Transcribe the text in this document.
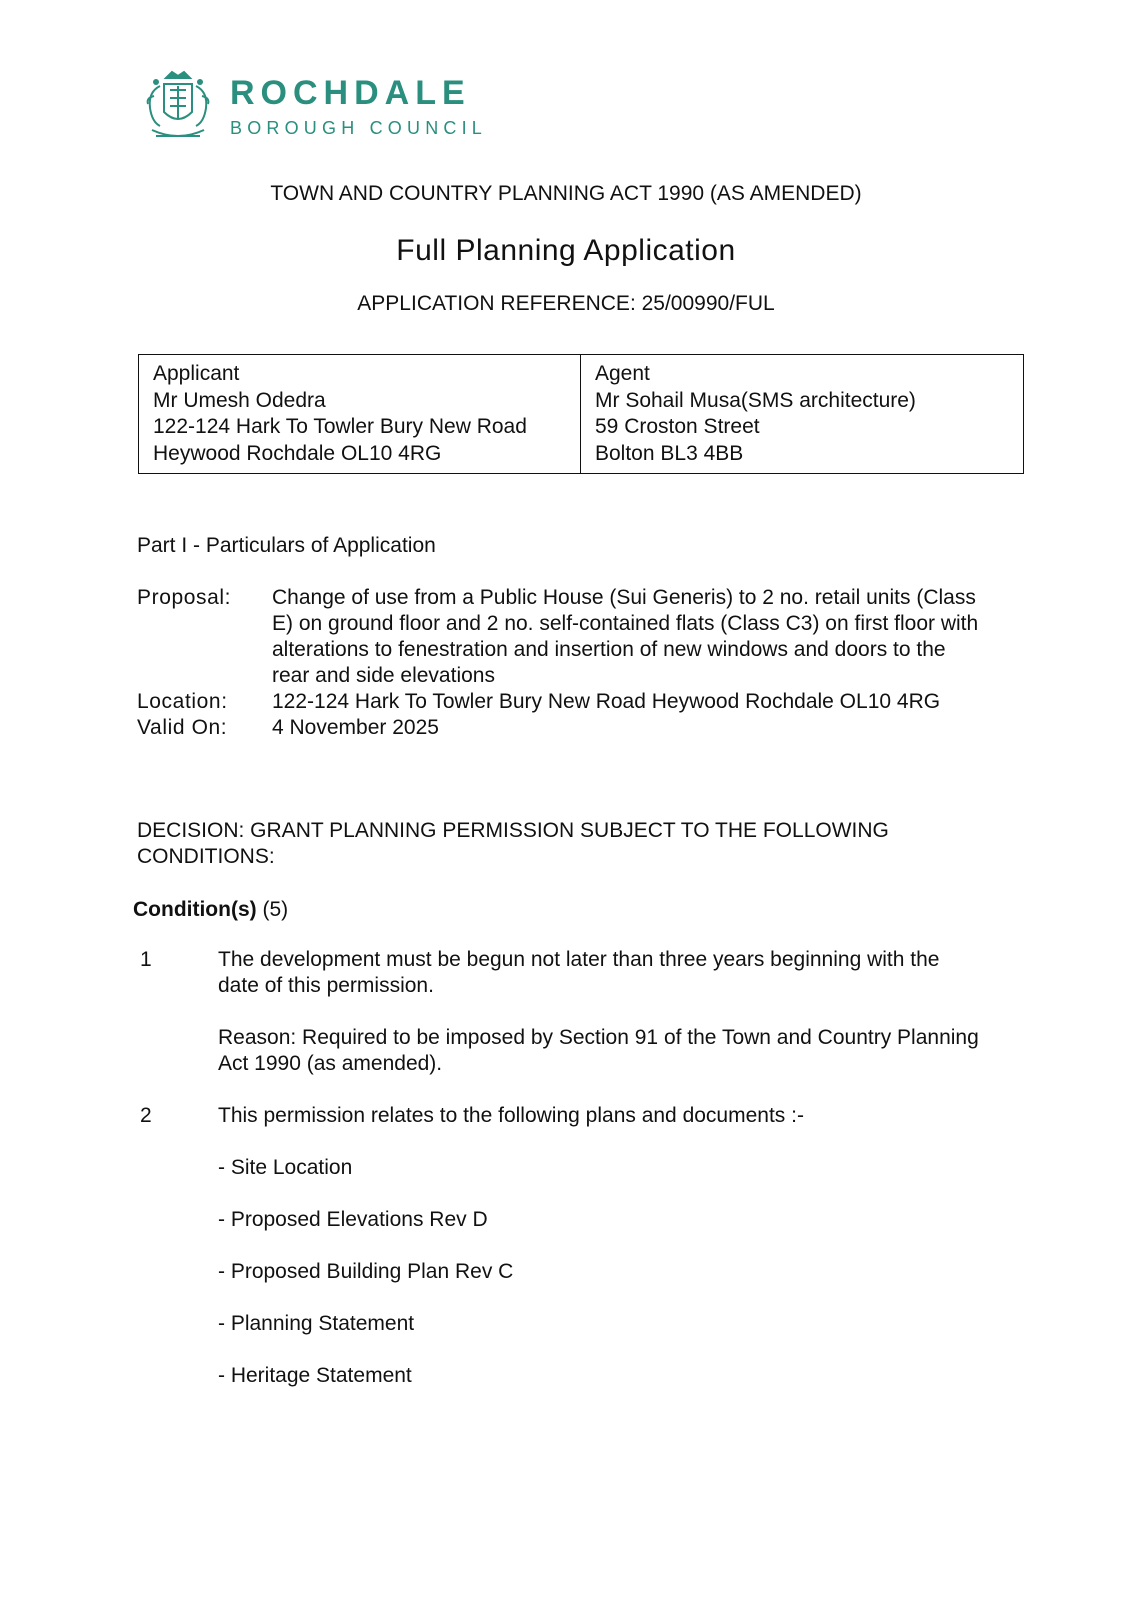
ROCHDALE
BOROUGH COUNCIL
TOWN AND COUNTRY PLANNING ACT 1990 (AS AMENDED)
Full Planning Application
APPLICATION REFERENCE: 25/00990/FUL
Applicant
Mr Umesh Odedra
122-124 Hark To Towler Bury New Road
Heywood Rochdale OL10 4RG
Agent
Mr Sohail Musa(SMS architecture)
59 Croston Street
Bolton BL3 4BB
Part I - Particulars of Application
Proposal:	Change of use from a Public House (Sui Generis) to 2 no. retail units (Class E) on ground floor and 2 no. self-contained flats (Class C3) on first floor with alterations to fenestration and insertion of new windows and doors to the rear and side elevations
Location:	122-124 Hark To Towler Bury New Road Heywood Rochdale OL10 4RG
Valid On:	4 November 2025
DECISION: GRANT PLANNING PERMISSION SUBJECT TO THE FOLLOWING CONDITIONS:
Condition(s) (5)
1	The development must be begun not later than three years beginning with the date of this permission.

Reason: Required to be imposed by Section 91 of the Town and Country Planning Act 1990 (as amended).

2	This permission relates to the following plans and documents :-

- Site Location
- Proposed Elevations Rev D
- Proposed Building Plan Rev C
- Planning Statement
- Heritage Statement
